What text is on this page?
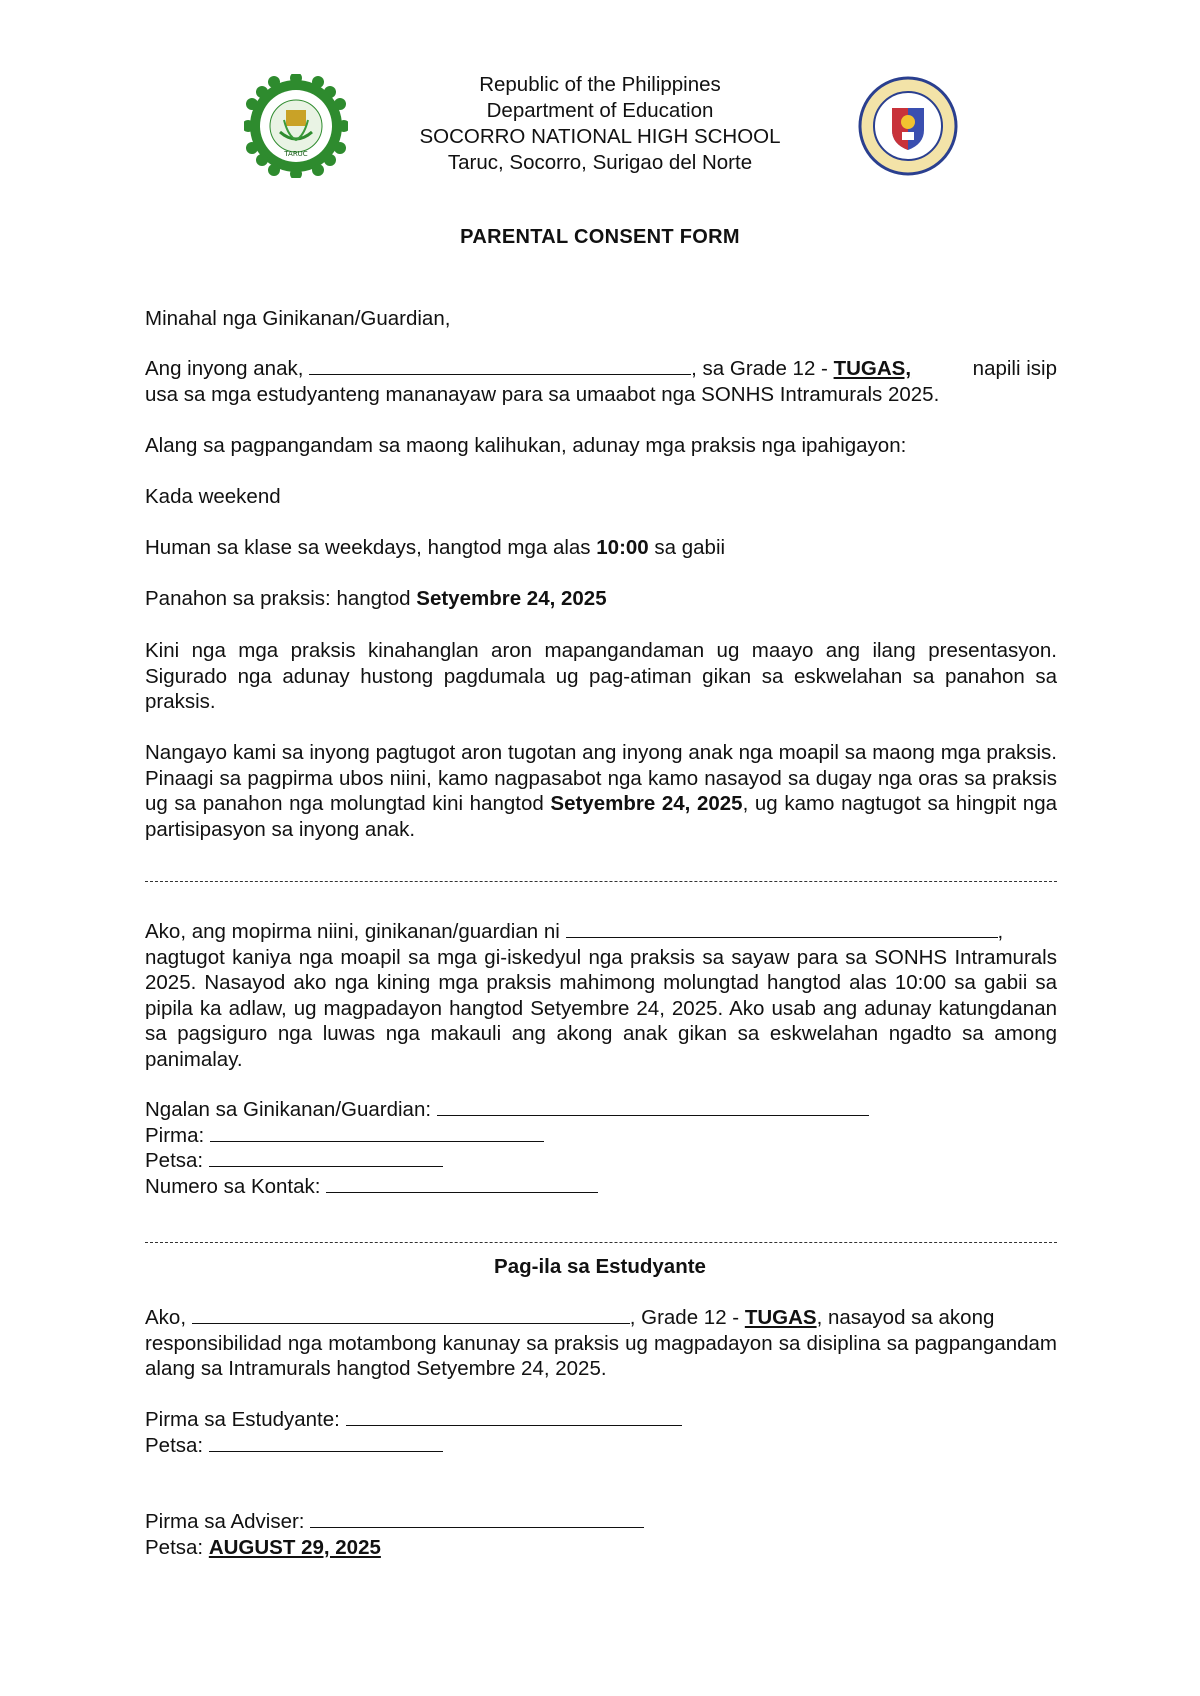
TARUC
Republic of the Philippines
Department of Education
SOCORRO NATIONAL HIGH SCHOOL
Taruc, Socorro, Surigao del Norte
PARENTAL CONSENT FORM
Minahal nga Ginikanan/Guardian,
Ang inyong anak,	, sa Grade 12 - TUGAS,	napili isip
usa sa mga estudyanteng mananayaw para sa umaabot nga SONHS Intramurals 2025.
Alang sa pagpangandam sa maong kalihukan, adunay mga praksis nga ipahigayon:
Kada weekend
Human sa klase sa weekdays, hangtod mga alas 10:00 sa gabii
Panahon sa praksis: hangtod Setyembre 24, 2025
Kini nga mga praksis kinahanglan aron mapangandaman ug maayo ang ilang presentasyon. Sigurado nga adunay hustong pagdumala ug pag-atiman gikan sa eskwelahan sa panahon sa praksis.
Nangayo kami sa inyong pagtugot aron tugotan ang inyong anak nga moapil sa maong mga praksis. Pinaagi sa pagpirma ubos niini, kamo nagpasabot nga kamo nasayod sa dugay nga oras sa praksis ug sa panahon nga molungtad kini hangtod Setyembre 24, 2025, ug kamo nagtugot sa hingpit nga partisipasyon sa inyong anak.
Ako, ang mopirma niini, ginikanan/guardian ni	,
nagtugot kaniya nga moapil sa mga gi-iskedyul nga praksis sa sayaw para sa SONHS Intramurals 2025. Nasayod ako nga kining mga praksis mahimong molungtad hangtod alas 10:00 sa gabii sa pipila ka adlaw, ug magpadayon hangtod Setyembre 24, 2025. Ako usab ang adunay katungdanan sa pagsiguro nga luwas nga makauli ang akong anak gikan sa eskwelahan ngadto sa among panimalay.
Ngalan sa Ginikanan/Guardian:
Pirma:
Petsa:
Numero sa Kontak:
Pag-ila sa Estudyante
Ako,	, Grade 12 - TUGAS, nasayod sa akong
responsibilidad nga motambong kanunay sa praksis ug magpadayon sa disiplina sa pagpangandam alang sa Intramurals hangtod Setyembre 24, 2025.
Pirma sa Estudyante:
Petsa:
Pirma sa Adviser:
Petsa: AUGUST 29, 2025
